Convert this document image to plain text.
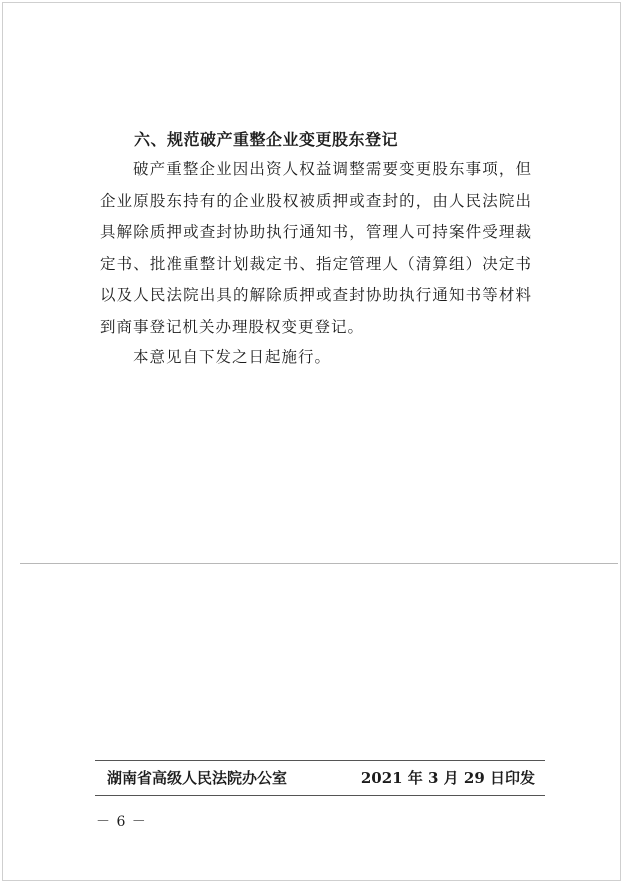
六、规范破产重整企业变更股东登记
破产重整企业因出资人权益调整需要变更股东事项，但企业原股东持有的企业股权被质押或查封的，由人民法院出具解除质押或查封协助执行通知书，管理人可持案件受理裁定书、批准重整计划裁定书、指定管理人（清算组）决定书以及人民法院出具的解除质押或查封协助执行通知书等材料到商事登记机关办理股权变更登记。
本意见自下发之日起施行。
湖南省高级人民法院办公室	2021 年 3 月 29 日印发
－ 6 －
